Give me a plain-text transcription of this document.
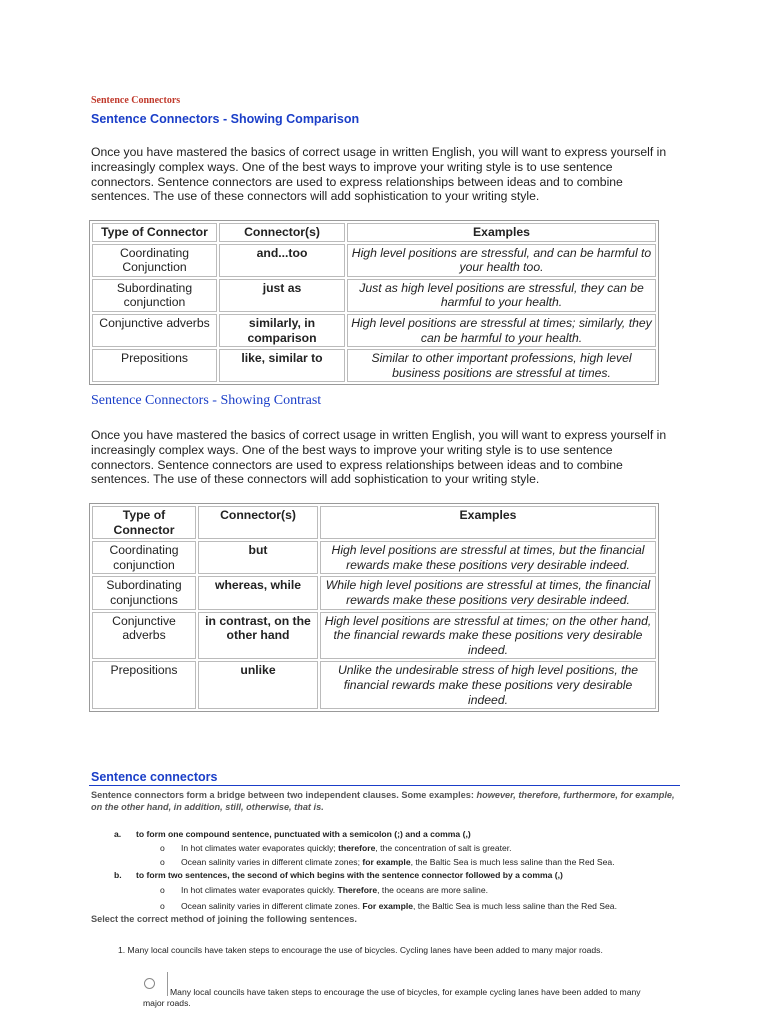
Sentence Connectors
Sentence Connectors - Showing Comparison
Once you have mastered the basics of correct usage in written English, you will want to express yourself in increasingly complex ways. One of the best ways to improve your writing style is to use sentence connectors. Sentence connectors are used to express relationships between ideas and to combine sentences. The use of these connectors will add sophistication to your writing style.
Type of Connector	Connector(s)	Examples
Coordinating Conjunction	and...too	High level positions are stressful, and can be harmful to your health too.
Subordinating conjunction	just as	Just as high level positions are stressful, they can be harmful to your health.
Conjunctive adverbs	similarly, in comparison	High level positions are stressful at times; similarly, they can be harmful to your health.
Prepositions	like, similar to	Similar to other important professions, high level business positions are stressful at times.
Sentence Connectors - Showing Contrast
Once you have mastered the basics of correct usage in written English, you will want to express yourself in increasingly complex ways. One of the best ways to improve your writing style is to use sentence connectors. Sentence connectors are used to express relationships between ideas and to combine sentences. The use of these connectors will add sophistication to your writing style.
Type of Connector	Connector(s)	Examples
Coordinating conjunction	but	High level positions are stressful at times, but the financial rewards make these positions very desirable indeed.
Subordinating conjunctions	whereas, while	While high level positions are stressful at times, the financial rewards make these positions very desirable indeed.
Conjunctive adverbs	in contrast, on the other hand	High level positions are stressful at times; on the other hand, the financial rewards make these positions very desirable indeed.
Prepositions	unlike	Unlike the undesirable stress of high level positions, the financial rewards make these positions very desirable indeed.
Sentence connectors
Sentence connectors form a bridge between two independent clauses. Some examples: however, therefore, furthermore, for example, on the other hand, in addition, still, otherwise, that is.
a. to form one compound sentence, punctuated with a semicolon (;) and a comma (,)
o In hot climates water evaporates quickly; therefore, the concentration of salt is greater.
o Ocean salinity varies in different climate zones; for example, the Baltic Sea is much less saline than the Red Sea.
b. to form two sentences, the second of which begins with the sentence connector followed by a comma (,)
o In hot climates water evaporates quickly. Therefore, the oceans are more saline.
o Ocean salinity varies in different climate zones. For example, the Baltic Sea is much less saline than the Red Sea.
Select the correct method of joining the following sentences.
1. Many local councils have taken steps to encourage the use of bicycles. Cycling lanes have been added to many major roads.
Many local councils have taken steps to encourage the use of bicycles, for example cycling lanes have been added to many major roads.
